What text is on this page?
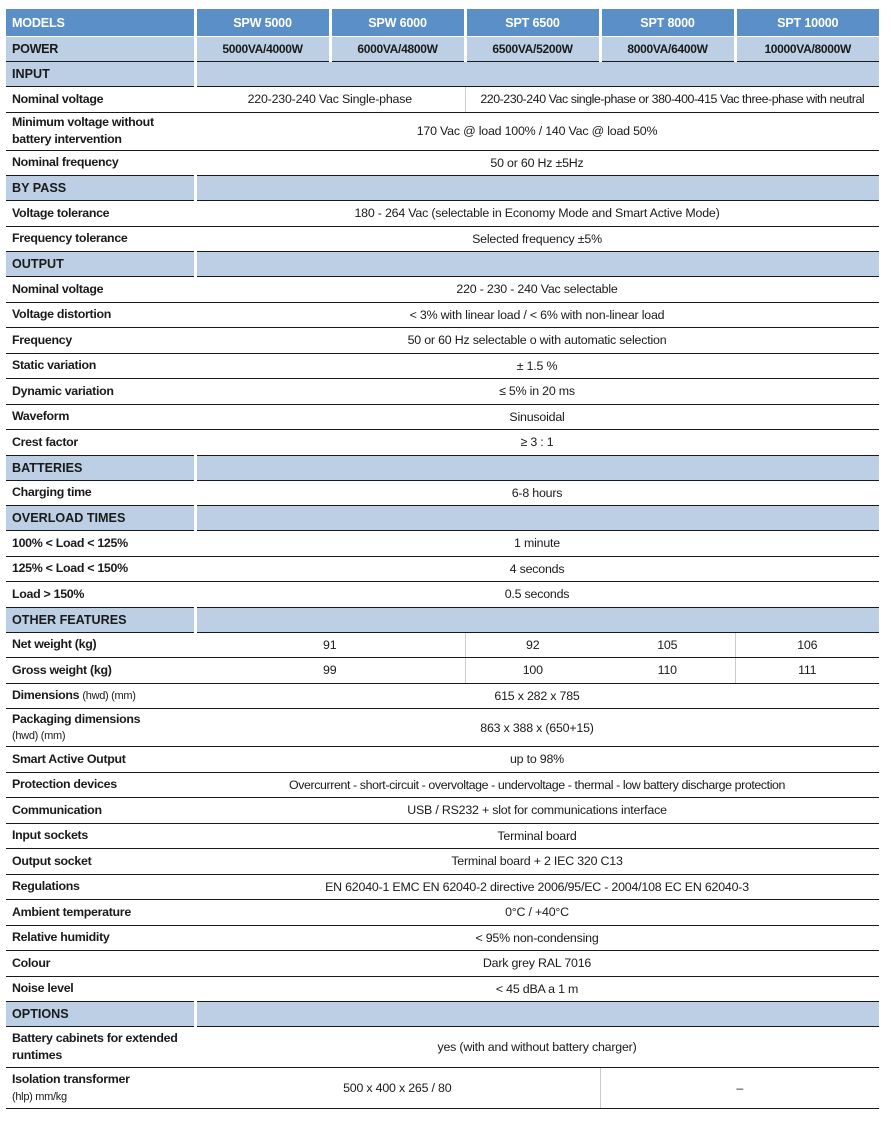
MODELS	SPW 5000	SPW 6000	SPT 6500	SPT 8000	SPT 10000
POWER	5000VA/4000W	6000VA/4800W	6500VA/5200W	8000VA/6400W	10000VA/8000W
INPUT					
Nominal voltage	220-230-240 Vac Single-phase		220-230-240 Vac single-phase or 380-400-415 Vac three-phase with neutral		
Minimum voltage without
battery intervention	170 Vac @ load 100% / 140 Vac @ load 50%				
Nominal frequency	50 or 60 Hz ±5Hz				
BY PASS					
Voltage tolerance	180 - 264 Vac (selectable in Economy Mode and Smart Active Mode)				
Frequency tolerance	Selected frequency ±5%				
OUTPUT					
Nominal voltage	220 - 230 - 240 Vac selectable				
Voltage distortion	< 3% with linear load / < 6% with non-linear load				
Frequency	50 or 60 Hz selectable o with automatic selection				
Static variation	± 1.5 %				
Dynamic variation	≤ 5% in 20 ms				
Waveform	Sinusoidal				
Crest factor	≥ 3 : 1				
BATTERIES					
Charging time	6-8 hours				
OVERLOAD TIMES					
100% < Load < 125%	1 minute				
125% < Load < 150%	4 seconds				
Load > 150%	0.5 seconds				
OTHER FEATURES					
Net weight (kg)	91		92	105	106
Gross weight (kg)	99		100	110	111
Dimensions (hwd) (mm)	615 x 282 x 785				
Packaging dimensions
(hwd) (mm)	863 x 388 x (650+15)				
Smart Active Output	up to 98%				
Protection devices	Overcurrent - short-circuit - overvoltage - undervoltage - thermal - low battery discharge protection				
Communication	USB / RS232 + slot for communications interface				
Input sockets	Terminal board				
Output socket	Terminal board + 2 IEC 320 C13				
Regulations	EN 62040-1 EMC EN 62040-2 directive 2006/95/EC - 2004/108 EC EN 62040-3				
Ambient temperature	0°C / +40°C				
Relative humidity	< 95% non-condensing				
Colour	Dark grey RAL 7016				
Noise level	< 45 dBA a 1 m				
OPTIONS					
Battery cabinets for extended
runtimes	yes (with and without battery charger)				
Isolation transformer
(hlp) mm/kg	500 x 400 x 265 / 80			–	
